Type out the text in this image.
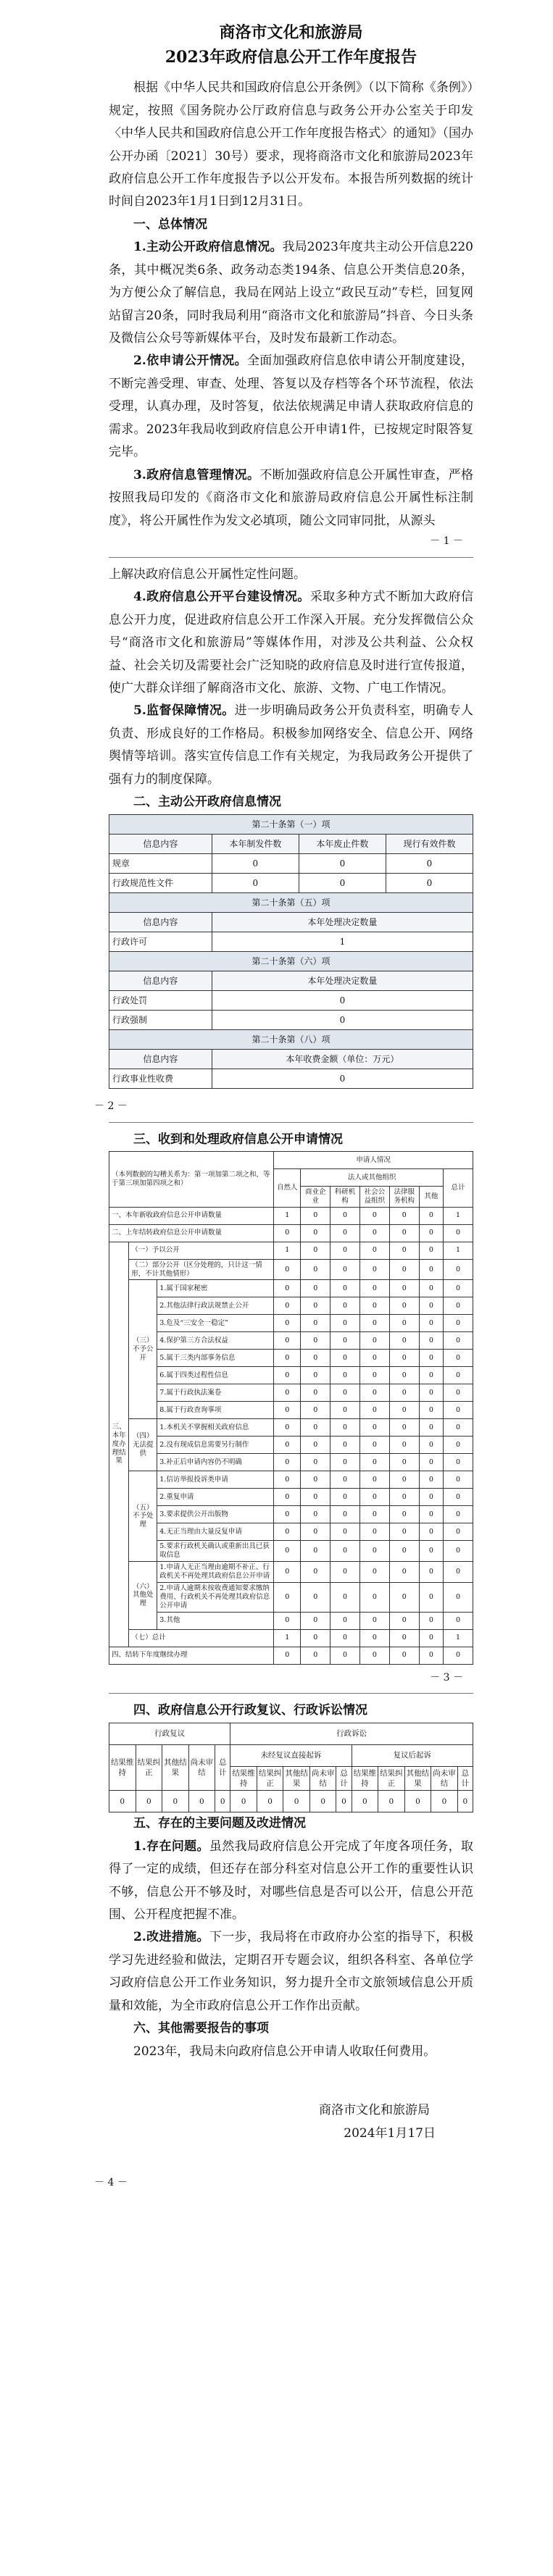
商洛市文化和旅游局
2023年政府信息公开工作年度报告

根据《中华人民共和国政府信息公开条例》（以下简称《条例》）规定，按照《国务院办公厅政府信息与政务公开办公室关于印发〈中华人民共和国政府信息公开工作年度报告格式〉的通知》（国办公开办函〔2021〕30号）要求，现将商洛市文化和旅游局2023年政府信息公开工作年度报告予以公开发布。本报告所列数据的统计时间自2023年1月1日到12月31日。

一、总体情况

1.主动公开政府信息情况。我局2023年度共主动公开信息220条，其中概况类6条、政务动态类194条、信息公开类信息20条，为方便公众了解信息，我局在网站上设立“政民互动”专栏，回复网站留言20条，同时我局利用“商洛市文化和旅游局”抖音、今日头条及微信公众号等新媒体平台，及时发布最新工作动态。

2.依申请公开情况。全面加强政府信息依申请公开制度建设，不断完善受理、审查、处理、答复以及存档等各个环节流程，依法受理，认真办理，及时答复，依法依规满足申请人获取政府信息的需求。2023年我局收到政府信息公开申请1件，已按规定时限答复完毕。

3.政府信息管理情况。不断加强政府信息公开属性审查，严格按照我局印发的《商洛市文化和旅游局政府信息公开属性标注制度》，将公开属性作为发文必填项，随公文同审同批，从源头

－ 1 －

上解决政府信息公开属性定性问题。

4.政府信息公开平台建设情况。采取多种方式不断加大政府信息公开力度，促进政府信息公开工作深入开展。充分发挥微信公众号“商洛市文化和旅游局”等媒体作用，对涉及公共利益、公众权益、社会关切及需要社会广泛知晓的政府信息及时进行宣传报道，使广大群众详细了解商洛市文化、旅游、文物、广电工作情况。

5.监督保障情况。进一步明确局政务公开负责科室，明确专人负责、形成良好的工作格局。积极参加网络安全、信息公开、网络舆情等培训。落实宣传信息工作有关规定，为我局政务公开提供了强有力的制度保障。

二、主动公开政府信息情况
第二十条第（一）项			
信息内容	本年制发件数	本年废止件数	现行有效件数
规章	0	0	0
行政规范性文件	0	0	0
第二十条第（五）项			
信息内容	本年处理决定数量		
行政许可	1		
第二十条第（六）项			
信息内容	本年处理决定数量		
行政处罚	0		
行政强制	0		
第二十条第（八）项			
信息内容	本年收费金额（单位：万元）		
行政事业性收费	0		
－ 2 －
三、收到和处理政府信息公开申请情况
（本列数据的勾稽关系为：第一项加第二项之和，等于第三项加第四项之和）			申请人情况						
			自然人	法人或其他组织					总计
				商业企业	科研机构	社会公益组织	法律服务机构	其他	
一、本年新收政府信息公开申请数量			1	0	0	0	0	0	1
二、上年结转政府信息公开申请数量			0	0	0	0	0	0	0
三、本年度办理结果	（一）予以公开		1	0	0	0	0	0	1
	（二）部分公开（区分处理的，只计这一情形，不计其他情形）		0	0	0	0	0	0	0
	（三）不予公开	1.属于国家秘密	0	0	0	0	0	0	0
		2.其他法律行政法规禁止公开	0	0	0	0	0	0	0
		3.危及“三安全一稳定”	0	0	0	0	0	0	0
		4.保护第三方合法权益	0	0	0	0	0	0	0
		5.属于三类内部事务信息	0	0	0	0	0	0	0
		6.属于四类过程性信息	0	0	0	0	0	0	0
		7.属于行政执法案卷	0	0	0	0	0	0	0
		8.属于行政查询事项	0	0	0	0	0	0	0
	（四）无法提供	1.本机关不掌握相关政府信息	0	0	0	0	0	0	0
		2.没有现成信息需要另行制作	0	0	0	0	0	0	0
		3.补正后申请内容仍不明确	0	0	0	0	0	0	0
	（五）不予处理	1.信访举报投诉类申请	0	0	0	0	0	0	0
		2.重复申请	0	0	0	0	0	0	0
		3.要求提供公开出版物	0	0	0	0	0	0	0
		4.无正当理由大量反复申请	0	0	0	0	0	0	0
		5.要求行政机关确认或重新出具已获取信息	0	0	0	0	0	0	0
	（六）其他处理	1.申请人无正当理由逾期不补正、行政机关不再处理其政府信息公开申请	0	0	0	0	0	0	0
		2.申请人逾期未按收费通知要求缴纳费用、行政机关不再处理其政府信息公开申请	0	0	0	0	0	0	0
		3.其他	0	0	0	0	0	0	0
	（七）总计		1	0	0	0	0	0	1
四、结转下年度继续办理			0	0	0	0	0	0	0
－ 3 －
四、政府信息公开行政复议、行政诉讼情况
行政复议					行政诉讼									
结果维持	结果纠正	其他结果	尚未审结	总计	未经复议直接起诉					复议后起诉				
					结果维持	结果纠正	其他结果	尚未审结	总计	结果维持	结果纠正	其他结果	尚未审结	总计
0	0	0	0	0	0	0	0	0	0	0	0	0	0	0
五、存在的主要问题及改进情况

1.存在问题。虽然我局政府信息公开完成了年度各项任务，取得了一定的成绩，但还存在部分科室对信息公开工作的重要性认识不够，信息公开不够及时，对哪些信息是否可以公开，信息公开范围、公开程度把握不准。

2.改进措施。下一步，我局将在市政府办公室的指导下，积极学习先进经验和做法，定期召开专题会议，组织各科室、各单位学习政府信息公开工作业务知识，努力提升全市文旅领域信息公开质量和效能，为全市政府信息公开工作作出贡献。

六、其他需要报告的事项

2023年，我局未向政府信息公开申请人收取任何费用。

商洛市文化和旅游局
2024年1月17日
－ 4 －
